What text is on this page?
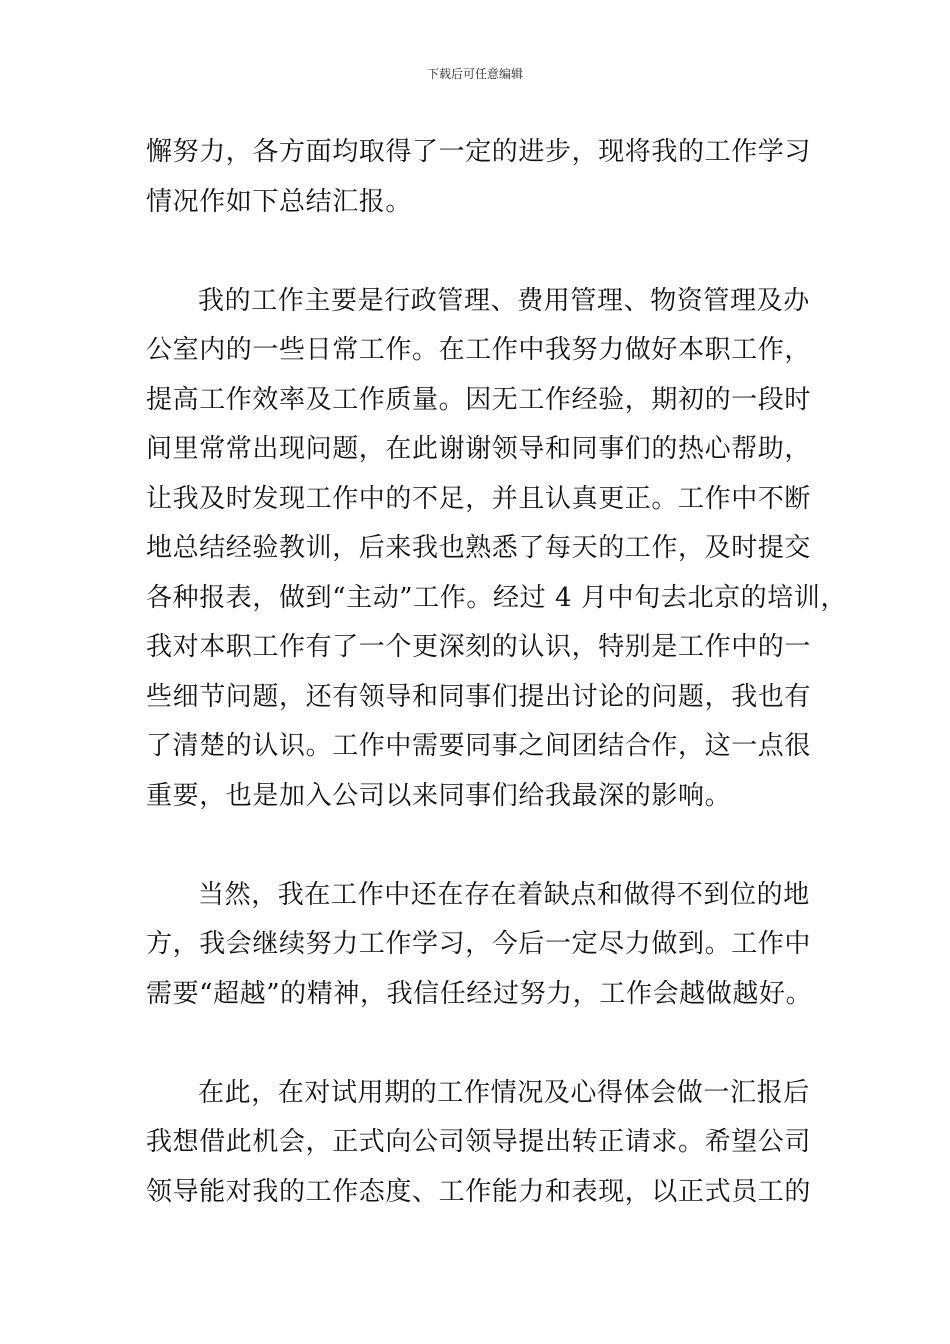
下载后可任意编辑
懈努力，各方面均取得了一定的进步，现将我的工作学习
情况作如下总结汇报。
我的工作主要是行政管理、费用管理、物资管理及办
公室内的一些日常工作。在工作中我努力做好本职工作，
提高工作效率及工作质量。因无工作经验，期初的一段时
间里常常出现问题，在此谢谢领导和同事们的热心帮助，
让我及时发现工作中的不足，并且认真更正。工作中不断
地总结经验教训，后来我也熟悉了每天的工作，及时提交
各种报表，做到“主动”工作。经过 4 月中旬去北京的培训，
我对本职工作有了一个更深刻的认识，特别是工作中的一
些细节问题，还有领导和同事们提出讨论的问题，我也有
了清楚的认识。工作中需要同事之间团结合作，这一点很
重要，也是加入公司以来同事们给我最深的影响。
当然，我在工作中还在存在着缺点和做得不到位的地
方，我会继续努力工作学习，今后一定尽力做到。工作中
需要“超越”的精神，我信任经过努力，工作会越做越好。
在此，在对试用期的工作情况及心得体会做一汇报后
我想借此机会，正式向公司领导提出转正请求。希望公司
领导能对我的工作态度、工作能力和表现，以正式员工的
